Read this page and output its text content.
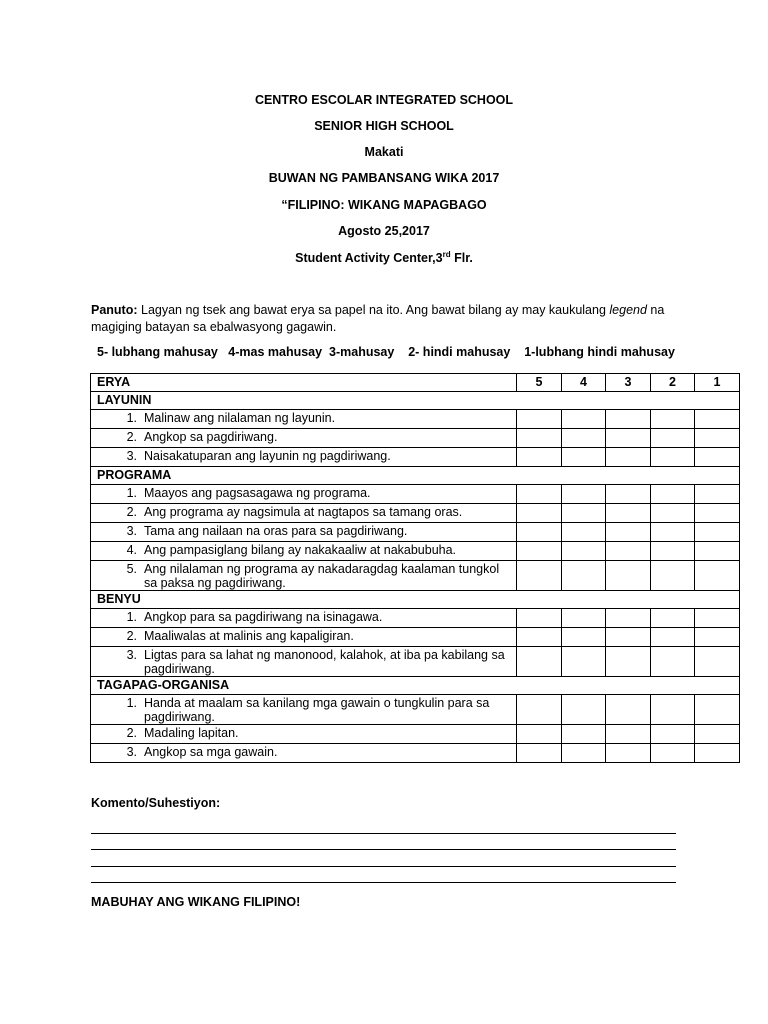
CENTRO ESCOLAR INTEGRATED SCHOOL
SENIOR HIGH SCHOOL
Makati
BUWAN NG PAMBANSANG WIKA 2017
“FILIPINO: WIKANG MAPAGBAGO
Agosto 25,2017
Student Activity Center,3rd Flr.
Panuto: Lagyan ng tsek ang bawat erya sa papel na ito. Ang bawat bilang ay may kaukulang legend na magiging batayan sa ebalwasyong gagawin.
5- lubhang mahusay   4-mas mahusay  3-mahusay    2- hindi mahusay    1-lubhang hindi mahusay
ERYA	5	4	3	2	1
LAYUNIN					

1. Malinaw ang nilalaman ng layunin.					

2. Angkop sa pagdiriwang.					

3. Naisakatuparan ang layunin ng pagdiriwang.					

PROGRAMA					

1. Maayos ang pagsasagawa ng programa.					

2. Ang programa ay nagsimula at nagtapos sa tamang oras.					

3. Tama ang nailaan na oras para sa pagdiriwang.					

4. Ang pampasiglang bilang ay nakakaaliw at nakabubuha.					

5. Ang nilalaman ng programa ay nakadaragdag kaalaman tungkol sa paksa ng pagdiriwang.					

BENYU					

1. Angkop para sa pagdiriwang na isinagawa.					

2. Maaliwalas at malinis ang kapaligiran.					

3. Ligtas para sa lahat ng manonood, kalahok, at iba pa kabilang sa pagdiriwang.					

TAGAPAG-ORGANISA					

1. Handa at maalam sa kanilang mga gawain o tungkulin para sa pagdiriwang.					

2. Madaling lapitan.					

3. Angkop sa mga gawain.					

Komento/Suhestiyon:
MABUHAY ANG WIKANG FILIPINO!
